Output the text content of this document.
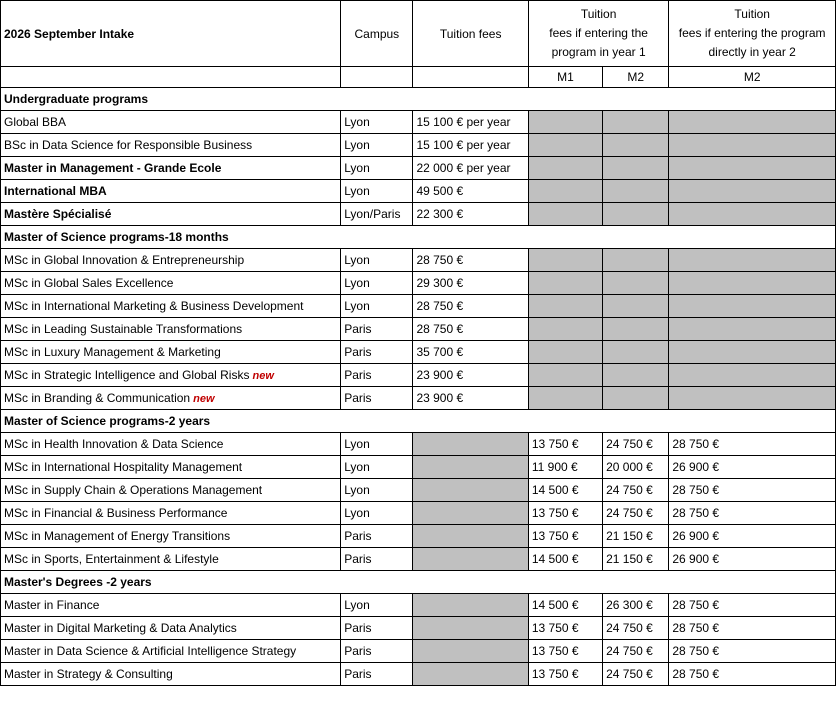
2026 September Intake	Campus	Tuition fees	Tuition
fees if entering the
program in year 1		Tuition
fees if entering the program
directly in year 2
			M1	M2	M2
Undergraduate programs					
Global BBA	Lyon	15 100 € per year			
BSc in Data Science for Responsible Business	Lyon	15 100 € per year			
Master in Management - Grande Ecole	Lyon	22 000 € per year			
International MBA	Lyon	49 500 €			
Mastère Spécialisé	Lyon/Paris	22 300 €			
Master of Science programs-18 months					
MSc in Global Innovation & Entrepreneurship	Lyon	28 750 €			
MSc in Global Sales Excellence	Lyon	29 300 €			
MSc in International Marketing & Business Development	Lyon	28 750 €			
MSc in Leading Sustainable Transformations	Paris	28 750 €			
MSc in Luxury Management & Marketing	Paris	35 700 €			
MSc in Strategic Intelligence and Global Risks new	Paris	23 900 €			
MSc in Branding & Communication new	Paris	23 900 €			
Master of Science programs-2 years					
MSc in Health Innovation & Data Science	Lyon		13 750 €	24 750 €	28 750 €
MSc in International Hospitality Management	Lyon		11 900 €	20 000 €	26 900 €
MSc in Supply Chain & Operations Management	Lyon		14 500 €	24 750 €	28 750 €
MSc in Financial & Business Performance	Lyon		13 750 €	24 750 €	28 750 €
MSc in Management of Energy Transitions	Paris		13 750 €	21 150 €	26 900 €
MSc in Sports, Entertainment & Lifestyle	Paris		14 500 €	21 150 €	26 900 €
Master's Degrees -2 years					
Master in Finance	Lyon		14 500 €	26 300 €	28 750 €
Master in Digital Marketing & Data Analytics	Paris		13 750 €	24 750 €	28 750 €
Master in Data Science & Artificial Intelligence Strategy	Paris		13 750 €	24 750 €	28 750 €
Master in Strategy & Consulting	Paris		13 750 €	24 750 €	28 750 €
